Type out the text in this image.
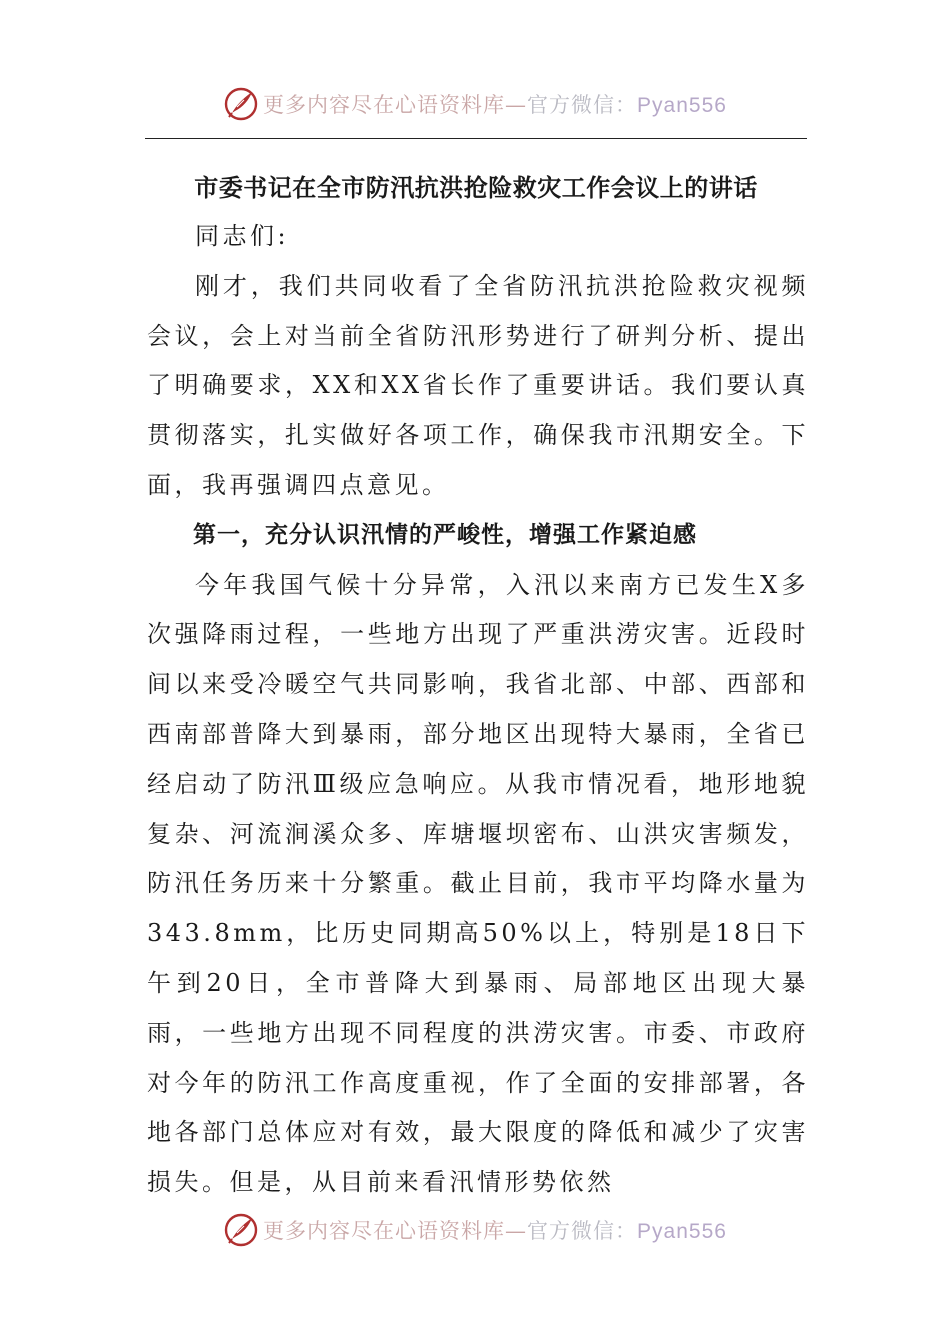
更多内容尽在心语资料库—官方微信：Pyan556
市委书记在全市防汛抗洪抢险救灾工作会议上的讲话

同志们:

刚才，我们共同收看了全省防汛抗洪抢险救灾视频会议，会上对当前全省防汛形势进行了研判分析、提出了明确要求，XX和XX省长作了重要讲话。我们要认真贯彻落实，扎实做好各项工作，确保我市汛期安全。下面，我再强调四点意见。

第一，充分认识汛情的严峻性，增强工作紧迫感

今年我国气候十分异常，入汛以来南方已发生X多次强降雨过程，一些地方出现了严重洪涝灾害。近段时间以来受冷暖空气共同影响，我省北部、中部、西部和西南部普降大到暴雨，部分地区出现特大暴雨，全省已经启动了防汛Ⅲ级应急响应。从我市情况看，地形地貌复杂、河流涧溪众多、库塘堰坝密布、山洪灾害频发，防汛任务历来十分繁重。截止目前，我市平均降水量为343.8mm，比历史同期高50%以上，特别是18日下午到20日，全市普降大到暴雨、局部地区出现大暴雨，一些地方出现不同程度的洪涝灾害。市委、市政府对今年的防汛工作高度重视，作了全面的安排部署，各地各部门总体应对有效，最大限度的降低和减少了灾害损失。但是，从目前来看汛情形势依然

更多内容尽在心语资料库—官方微信：Pyan556
